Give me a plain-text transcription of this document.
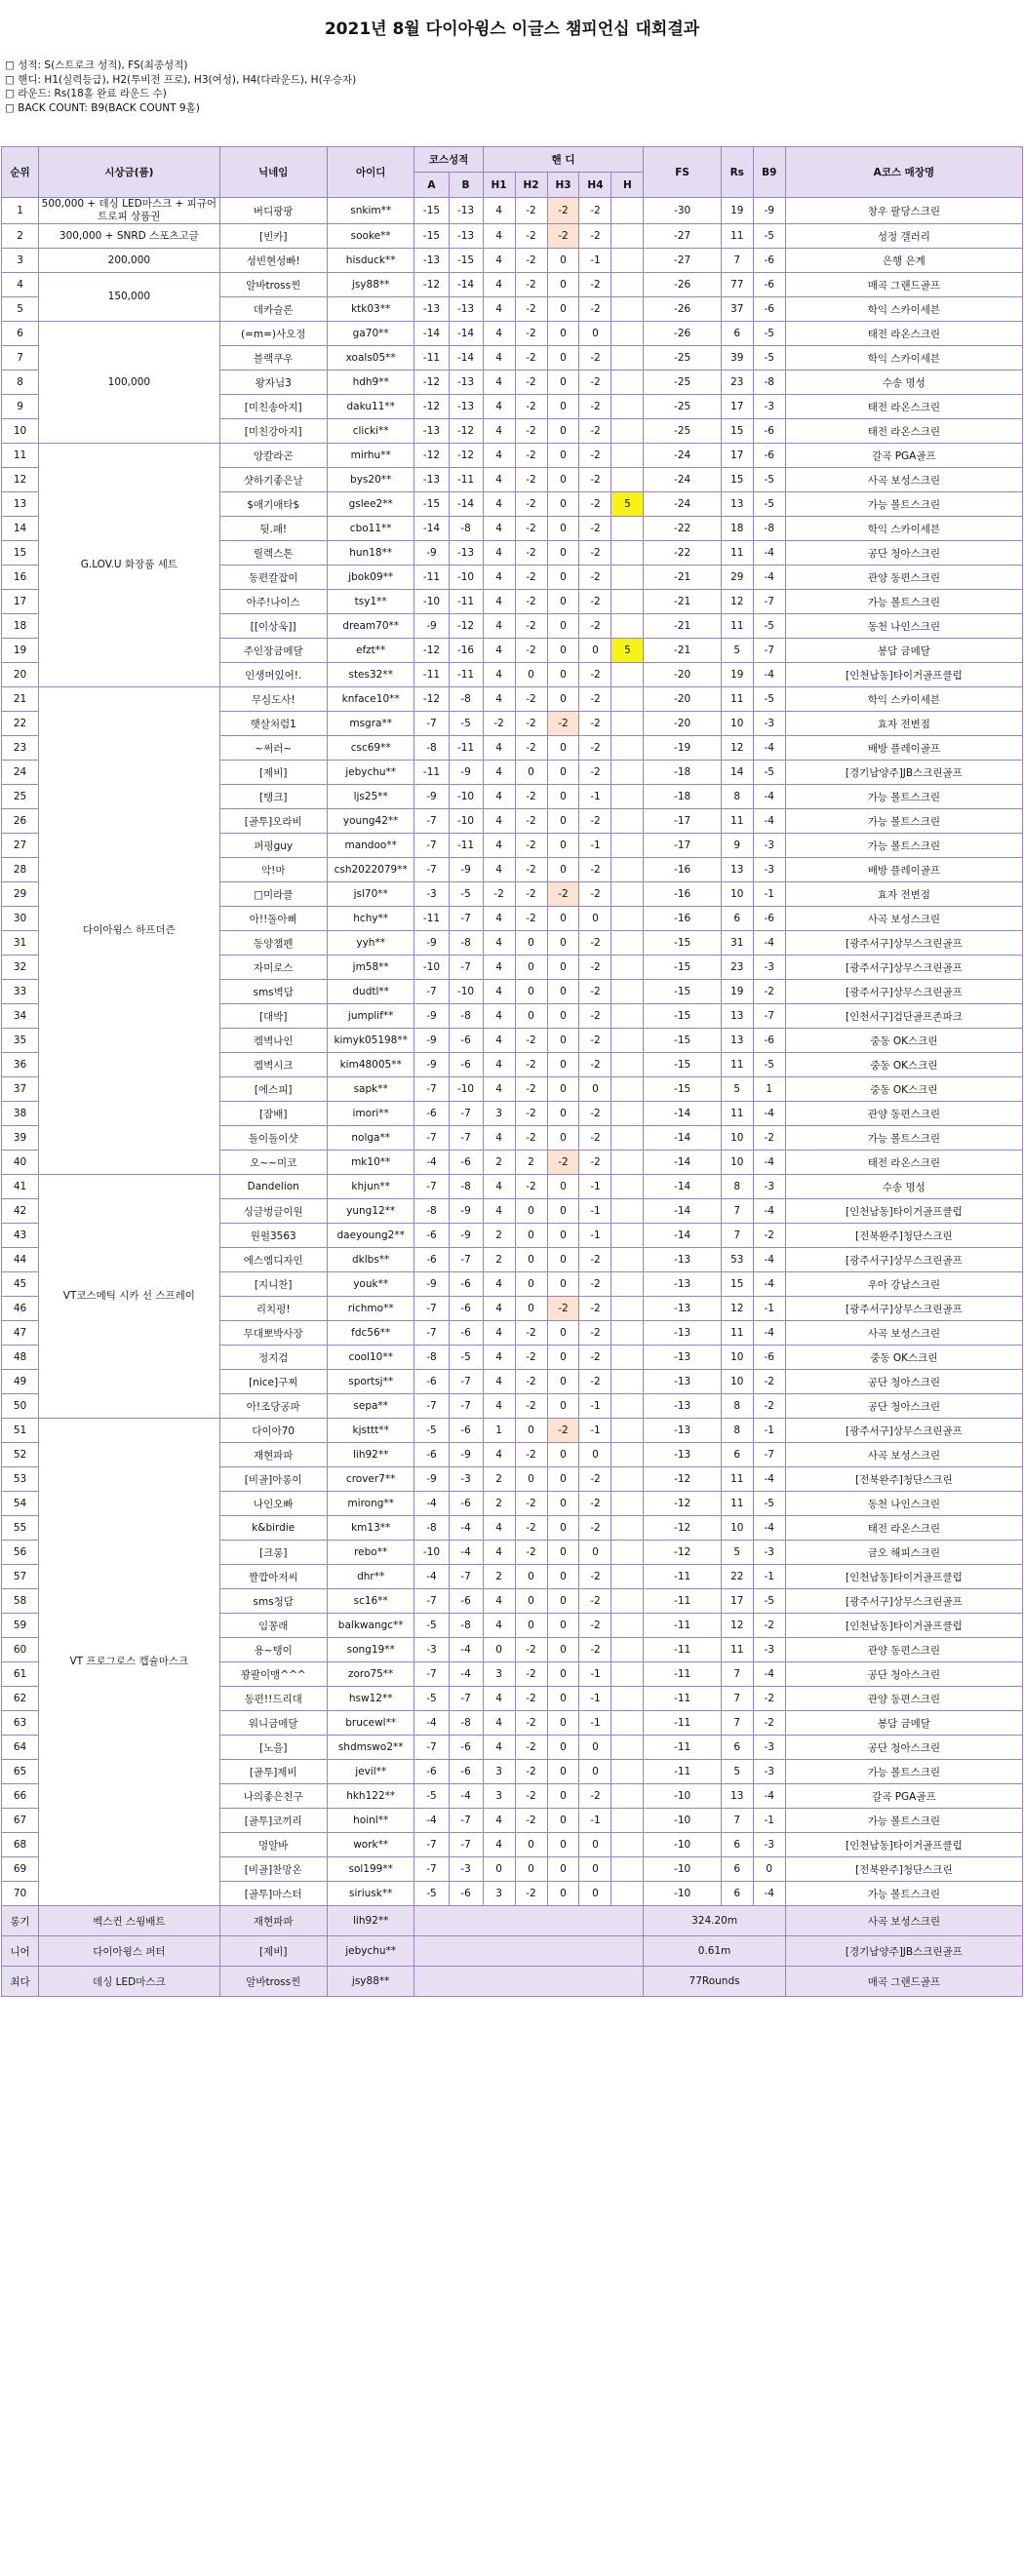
2021년 8월 다이아윙스 이글스 챔피언십 대회결과
□ 성적: S(스트로크 성적), FS(최종성적)
□ 핸디: H1(실력등급), H2(투비전 프로), H3(여성), H4(다라운드), H(우승자)
□ 라운드: Rs(18홀 완료 라운드 수)
□ BACK COUNT: B9(BACK COUNT 9홀)
순위	시상금(품)	닉네임	아이디	코스성적		핸 디					FS	Rs	B9	A코스 매장명
				A	B	H1	H2	H3	H4	H				
1	500,000 + 데싱 LED마스크 + 피규어 트로피 상품권	버디팡팡	snkim**	-15	-13	4	-2	-2	-2		-30	19	-9	창우 팔당스크린
2	300,000 + SNRD 스포츠고글	[빈카]	sooke**	-15	-13	4	-2	-2	-2		-27	11	-5	성정 갤러리
3	200,000	성빈현성빠!	hisduck**	-13	-15	4	-2	0	-1		-27	7	-6	은행 은계
4	150,000	알바tross찐	jsy88**	-12	-14	4	-2	0	-2		-26	77	-6	매곡 그랜드골프
5		데카슬론	ktk03**	-13	-13	4	-2	0	-2		-26	37	-6	학익 스카이세븐
6	100,000	(=m=)사오정	ga70**	-14	-14	4	-2	0	0		-26	6	-5	태전 라온스크린
7		블랙쿠우	xoals05**	-11	-14	4	-2	0	-2		-25	39	-5	학익 스카이세븐
8		왕자님3	hdh9**	-12	-13	4	-2	0	-2		-25	23	-8	수송 명성
9		[미친송아지]	daku11**	-12	-13	4	-2	0	-2		-25	17	-3	태전 라온스크린
10		[미친강아지]	clicki**	-13	-12	4	-2	0	-2		-25	15	-6	태전 라온스크린
11	G.LOV.U 화장품 세트	앙칼라곤	mirhu**	-12	-12	4	-2	0	-2		-24	17	-6	갈곡 PGA골프
12		샷하기좋은날	bys20**	-13	-11	4	-2	0	-2		-24	15	-5	사곡 보성스크린
13		$애기애타$	gslee2**	-15	-14	4	-2	0	-2	5	-24	13	-5	가능 볼트스크린
14		뒷.패!	cbo11**	-14	-8	4	-2	0	-2		-22	18	-8	학익 스카이세븐
15		릴렉스톤	hun18**	-9	-13	4	-2	0	-2		-22	11	-4	공단 청아스크린
16		동편칼잡이	jbok09**	-11	-10	4	-2	0	-2		-21	29	-4	관양 동편스크린
17		아주!나이스	tsy1**	-10	-11	4	-2	0	-2		-21	12	-7	가능 볼트스크린
18		[[이상욱]]	dream70**	-9	-12	4	-2	0	-2		-21	11	-5	동천 나인스크린
19		주인장금메달	efzt**	-12	-16	4	-2	0	0	5	-21	5	-7	봉담 금메달
20		인생머있어!.	stes32**	-11	-11	4	0	0	-2		-20	19	-4	[인천남동]타이거골프클럽
21	다이아윙스 하프더즌	무심도사!	knface10**	-12	-8	4	-2	0	-2		-20	11	-5	학익 스카이세븐
22		햇살처럼1	msgra**	-7	-5	-2	-2	-2	-2		-20	10	-3	효자 전변점
23		~써러~	csc69**	-8	-11	4	-2	0	-2		-19	12	-4	배방 플레이골프
24		[제비]	jebychu**	-11	-9	4	0	0	-2		-18	14	-5	[경기남양주]JB스크린골프
25		[탱크]	ljs25**	-9	-10	4	-2	0	-1		-18	8	-4	가능 볼트스크린
26		[골투]오라비	young42**	-7	-10	4	-2	0	-2		-17	11	-4	가능 볼트스크린
27		퍼펑guy	mandoo**	-7	-11	4	-2	0	-1		-17	9	-3	가능 볼트스크린
28		악!마	csh2022079**	-7	-9	4	-2	0	-2		-16	13	-3	배방 플레이골프
29		□미라클	jsl70**	-3	-5	-2	-2	-2	-2		-16	10	-1	효자 전변점
30		아!!돌아삐	hchy**	-11	-7	4	-2	0	0		-16	6	-6	사곡 보성스크린
31		동양챔펜	yyh**	-9	-8	4	0	0	-2		-15	31	-4	[광주서구]상무스크린골프
32		자미로스	jm58**	-10	-7	4	0	0	-2		-15	23	-3	[광주서구]상무스크린골프
33		sms벽담	dudtl**	-7	-10	4	0	0	-2		-15	19	-2	[광주서구]상무스크린골프
34		[대박]	jumplif**	-9	-8	4	0	0	-2		-15	13	-7	[인천서구]검단골프존파크
35		켐벽나인	kimyk05198**	-9	-6	4	-2	0	-2		-15	13	-6	중동 OK스크린
36		켐벽시크	kim48005**	-9	-6	4	-2	0	-2		-15	11	-5	중동 OK스크린
37		[에스피]	sapk**	-7	-10	4	-2	0	0		-15	5	1	중동 OK스크린
38		[잠배]	imori**	-6	-7	3	-2	0	-2		-14	11	-4	관양 동편스크린
39		돌이돌이샷	nolga**	-7	-7	4	-2	0	-2		-14	10	-2	가능 볼트스크린
40		오~~미코	mk10**	-4	-6	2	2	-2	-2		-14	10	-4	태전 라온스크린
41	VT코스메틱 시카 선 스프레이	Dandelion	khjun**	-7	-8	4	-2	0	-1		-14	8	-3	수송 명성
42		싱글벙글이원	yung12**	-8	-9	4	0	0	-1		-14	7	-4	[인천남동]타이거골프클럽
43		원펄3563	daeyoung2**	-6	-9	2	0	0	-1		-14	7	-2	[전북완주]청단스크린
44		에스엠디자인	dklbs**	-6	-7	2	0	0	-2		-13	53	-4	[광주서구]상무스크린골프
45		[지니찬]	youk**	-9	-6	4	0	0	-2		-13	15	-4	우아 강남스크린
46		리치펑!	richmo**	-7	-6	4	0	-2	-2		-13	12	-1	[광주서구]상무스크린골프
47		무대뽀박사장	fdc56**	-7	-6	4	-2	0	-2		-13	11	-4	사곡 보성스크린
48		정지검	cool10**	-8	-5	4	-2	0	-2		-13	10	-6	중동 OK스크린
49		[nice]구찌	sportsj**	-6	-7	4	-2	0	-2		-13	10	-2	공단 청아스크린
50		아!조당공파	sepa**	-7	-7	4	-2	0	-1		-13	8	-2	공단 청아스크린
51	VT 프로그로스 캡슐마스크	다이아70	kjsttt**	-5	-6	1	0	-2	-1		-13	8	-1	[광주서구]상무스크린골프
52		재현파파	lih92**	-6	-9	4	-2	0	0		-13	6	-7	사곡 보성스크린
53		[비골]아롱이	crover7**	-9	-3	2	0	0	-2		-12	11	-4	[전북완주]청단스크린
54		나인오빠	mirong**	-4	-6	2	-2	0	-2		-12	11	-5	동천 나인스크린
55		k&birdie	km13**	-8	-4	4	-2	0	-2		-12	10	-4	태전 라온스크린
56		[크롱]	rebo**	-10	-4	4	-2	0	0		-12	5	-3	금오 해피스크린
57		짤깝아저씨	dhr**	-4	-7	2	0	0	-2		-11	22	-1	[인천남동]타이거골프클럽
58		sms청담	sc16**	-7	-6	4	0	0	-2		-11	17	-5	[광주서구]상무스크린골프
59		임꽁래	balkwangc**	-5	-8	4	0	0	-2		-11	12	-2	[인천남동]타이거골프클럽
60		용~탱이	song19**	-3	-4	0	-2	0	-2		-11	11	-3	관양 동편스크린
61		꽝팔이맹^^^	zoro75**	-7	-4	3	-2	0	-1		-11	7	-4	공단 청아스크린
62		동편!!드리대	hsw12**	-5	-7	4	-2	0	-1		-11	7	-2	관양 동편스크린
63		워니금메달	brucewl**	-4	-8	4	-2	0	-1		-11	7	-2	봉담 금메달
64		[노을]	shdmswo2**	-7	-6	4	-2	0	0		-11	6	-3	공단 청아스크린
65		[골투]제비	jevil**	-6	-6	3	-2	0	0		-11	5	-3	가능 볼트스크린
66		나의좋은친구	hkh122**	-5	-4	3	-2	0	-2		-10	13	-4	갈곡 PGA골프
67		[골투]코끼리	hoinl**	-4	-7	4	-2	0	-1		-10	7	-1	가능 볼트스크린
68		멍알바	work**	-7	-7	4	0	0	0		-10	6	-3	[인천남동]타이거골프클럽
69		[비골]찬망온	sol199**	-7	-3	0	0	0	0		-10	6	0	[전북완주]청단스크린
70		[골투]마스터	siriusk**	-5	-6	3	-2	0	0		-10	6	-4	가능 볼트스크린
롱기	벡스컨 스윙배트	재현파파	lih92**								324.20m			사곡 보성스크린
니어	다이아윙스 퍼터	[제비]	jebychu**								0.61m			[경기남양주]JB스크린골프
최다	데싱 LED마스크	알바tross찐	jsy88**								77Rounds			매곡 그랜드골프
